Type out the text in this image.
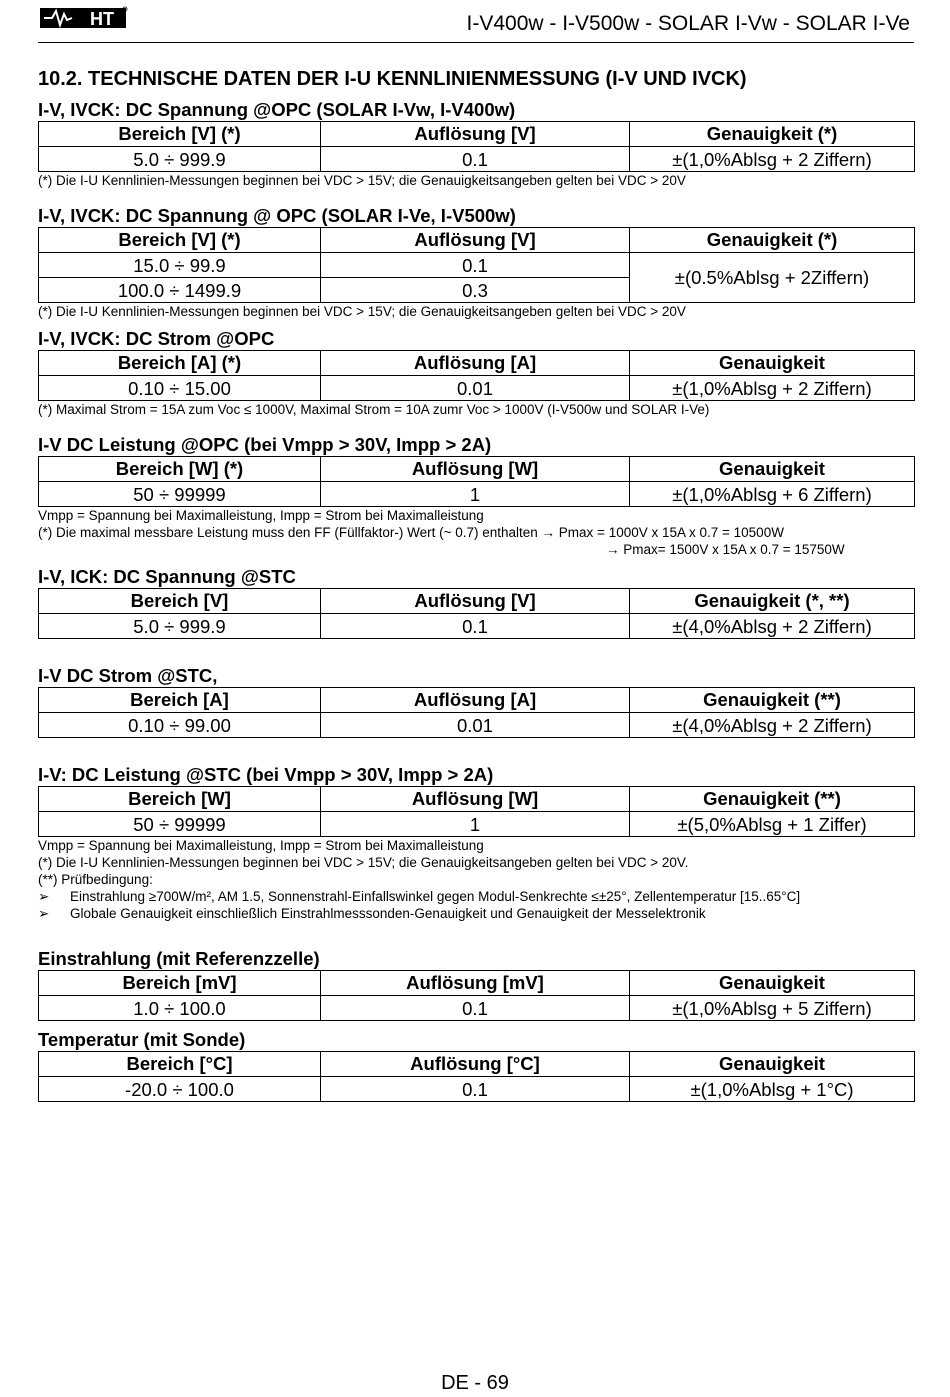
HT	I-V400w - I-V500w - SOLAR I-Vw - SOLAR I-Ve
10.2. TECHNISCHE DATEN DER I-U KENNLINIENMESSUNG (I-V UND IVCK)
I-V, IVCK: DC Spannung @OPC (SOLAR I-Vw, I-V400w)
Bereich [V] (*)	Auflösung [V]	Genauigkeit (*)
5.0 ÷ 999.9	0.1	±(1,0%Ablsg + 2 Ziffern)
(*) Die I-U Kennlinien-Messungen beginnen bei VDC > 15V; die Genauigkeitsangeben gelten bei VDC > 20V
I-V, IVCK: DC Spannung @ OPC (SOLAR I-Ve, I-V500w)
Bereich [V] (*)	Auflösung [V]	Genauigkeit (*)
15.0 ÷ 99.9	0.1	±(0.5%Ablsg + 2Ziffern)
100.0 ÷ 1499.9	0.3	
(*) Die I-U Kennlinien-Messungen beginnen bei VDC > 15V; die Genauigkeitsangeben gelten bei VDC > 20V
I-V, IVCK: DC Strom @OPC
Bereich [A] (*)	Auflösung [A]	Genauigkeit
0.10 ÷ 15.00	0.01	±(1,0%Ablsg + 2 Ziffern)
(*) Maximal Strom = 15A zum Voc ≤ 1000V, Maximal Strom = 10A zumr Voc > 1000V (I-V500w und SOLAR I-Ve)
I-V DC Leistung @OPC (bei Vmpp > 30V, Impp > 2A)
Bereich [W] (*)	Auflösung [W]	Genauigkeit
50 ÷ 99999	1	±(1,0%Ablsg + 6 Ziffern)
Vmpp = Spannung bei Maximalleistung, Impp = Strom bei Maximalleistung
(*) Die maximal messbare Leistung muss den FF (Füllfaktor-) Wert (~ 0.7) enthalten → Pmax = 1000V x 15A x 0.7 = 10500W
→ Pmax= 1500V x 15A x 0.7 = 15750W
I-V, ICK: DC Spannung @STC
Bereich [V]	Auflösung [V]	Genauigkeit (*, **)
5.0 ÷ 999.9	0.1	±(4,0%Ablsg + 2 Ziffern)
I-V DC Strom @STC,
Bereich [A]	Auflösung [A]	Genauigkeit (**)
0.10 ÷ 99.00	0.01	±(4,0%Ablsg + 2 Ziffern)
I-V: DC Leistung @STC (bei Vmpp > 30V, Impp > 2A)
Bereich [W]	Auflösung [W]	Genauigkeit (**)
50 ÷ 99999	1	±(5,0%Ablsg + 1 Ziffer)
Vmpp = Spannung bei Maximalleistung, Impp = Strom bei Maximalleistung
(*) Die I-U Kennlinien-Messungen beginnen bei VDC > 15V; die Genauigkeitsangeben gelten bei VDC > 20V.
(**) Prüfbedingung:
➢	Einstrahlung ≥700W/m², AM 1.5, Sonnenstrahl-Einfallswinkel gegen Modul-Senkrechte ≤±25°, Zellentemperatur [15..65°C]
➢	Globale Genauigkeit einschließlich Einstrahlmesssonden-Genauigkeit und Genauigkeit der Messelektronik
Einstrahlung (mit Referenzzelle)
Bereich [mV]	Auflösung [mV]	Genauigkeit
1.0 ÷ 100.0	0.1	±(1,0%Ablsg + 5 Ziffern)
Temperatur (mit Sonde)
Bereich [°C]	Auflösung [°C]	Genauigkeit
-20.0 ÷ 100.0	0.1	±(1,0%Ablsg + 1°C)
DE - 69
